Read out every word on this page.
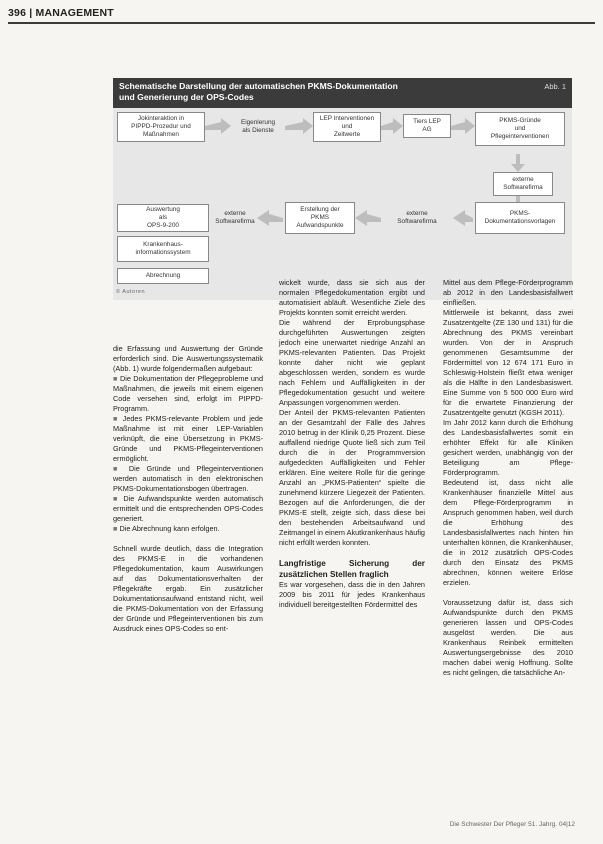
396 | MANAGEMENT
Schematische Darstellung der automatischen PKMS-Dokumentation
und Generierung der OPS-Codes
Abb. 1
Jokinteraktion in
PIPPD-Prozedur und
Maßnahmen
Eigenlerung
als Dienste
LEP Interventionen
und
Zeitwerte
Tiers LEP
AG
PKMS-Gründe
und
Pflegeinterventionen
externe
Softwarefirma
Auswertung
als
OPS-9-200
externe
Softwarefirma
Erstellung der
PKMS
Aufwandspunkte
externe
Softwarefirma
PKMS-
Dokumentationsvorlagen
Krankenhaus-
informationssystem
Abrechnung
© Autoren

die Erfassung und Auswertung der Gründe erforderlich sind. Die Auswertungssystematik (Abb. 1) wurde folgendermaßen aufgebaut:

■ Die Dokumentation der Pflegeprobleme und Maßnahmen, die jeweils mit einem eigenen Code versehen sind, erfolgt im PIPPD-Programm.

■ Jedes PKMS-relevante Problem und jede Maßnahme ist mit einer LEP-Variablen verknüpft, die eine Übersetzung in PKMS-Gründe und PKMS-Pflegeinterventionen ermöglicht.

■ Die Gründe und Pflegeinterventionen werden automatisch in den elektronischen PKMS-Dokumentationsbogen übertragen.

■ Die Aufwandspunkte werden automatisch ermittelt und die entsprechenden OPS-Codes generiert.

■ Die Abrechnung kann erfolgen.

Schnell wurde deutlich, dass die Integration des PKMS-E in die vorhandenen Pflegedokumentation, kaum Auswirkungen auf das Dokumentationsverhalten der Pflegekräfte ergab. Ein zusätzlicher Dokumentationsaufwand entstand nicht, weil die PKMS-Dokumentation von der Erfassung der Gründe und Pflegeinterventionen bis zum Ausdruck eines OPS-Codes so ent-

wickelt wurde, dass sie sich aus der normalen Pflegedokumentation ergibt und automatisiert abläuft. Wesentliche Ziele des Projekts konnten somit erreicht werden.

Die während der Erprobungsphase durchgeführten Auswertungen zeigten jedoch eine unerwartet niedrige Anzahl an PKMS-relevanten Patienten. Das Projekt konnte daher nicht wie geplant abgeschlossen werden, sondern es wurde nach Fehlern und Auffälligkeiten in der Pflegedokumentation gesucht und weitere Anpassungen vorgenommen werden.

Der Anteil der PKMS-relevanten Patienten an der Gesamtzahl der Fälle des Jahres 2010 betrug in der Klinik 0,25 Prozent. Diese auffallend niedrige Quote ließ sich zum Teil durch die in der Programmversion aufgedeckten Auffälligkeiten und Fehler erklären. Eine weitere Rolle für die geringe Anzahl an „PKMS-Patienten“ spielte die zunehmend kürzere Liegezeit der Patienten. Bezogen auf die Anforderungen, die der PKMS-E stellt, zeigte sich, dass diese bei den bestehenden Arbeitsaufwand und Zeitmangel in einem Akutkrankenhaus häufig nicht erfüllt werden konnten.

Langfristige Sicherung der zusätzlichen Stellen fraglich

Es war vorgesehen, dass die in den Jahren 2009 bis 2011 für jedes Krankenhaus individuell bereitgestellten Fördermittel des

Mittel aus dem Pflege-Förderprogramm ab 2012 in den Landesbasisfallwert einfließen.

Mittlerweile ist bekannt, dass zwei Zusatzentgelte (ZE 130 und 131) für die Abrechnung des PKMS vereinbart wurden. Von der in Anspruch genommenen Gesamtsumme der Fördermittel von 12 674 171 Euro in Schleswig-Holstein fließt etwa weniger als die Hälfte in den Landesbasiswert. Eine Summe von 5 500 000 Euro wird für die erwartete Finanzierung der Zusatzentgelte genutzt (KGSH 2011).

Im Jahr 2012 kann durch die Erhöhung des Landesbasisfallwertes somit ein erhöhter Effekt für alle Kliniken gesichert werden, unabhängig von der Beteiligung am Pflege-Förderprogramm.

Bedeutend ist, dass nicht alle Krankenhäuser finanzielle Mittel aus dem Pflege-Förderprogramm in Anspruch genommen haben, weil durch die Erhöhung des Landesbasisfallwertes nach hinten hin unterhalten können, die Krankenhäuser, die in 2012 zusätzlich OPS-Codes durch den Einsatz des PKMS abrechnen, können weitere Erlöse erzielen.

Voraussetzung dafür ist, dass sich Aufwandspunkte durch den PKMS generieren lassen und OPS-Codes ausgelöst werden. Die aus Krankenhaus Reinbek ermittelten Auswertungsergebnisse des 2010 machen dabei wenig Hoffnung. Sollte es nicht gelingen, die tatsächliche An-

Die Schwester Der Pfleger 51. Jahrg. 04|12
